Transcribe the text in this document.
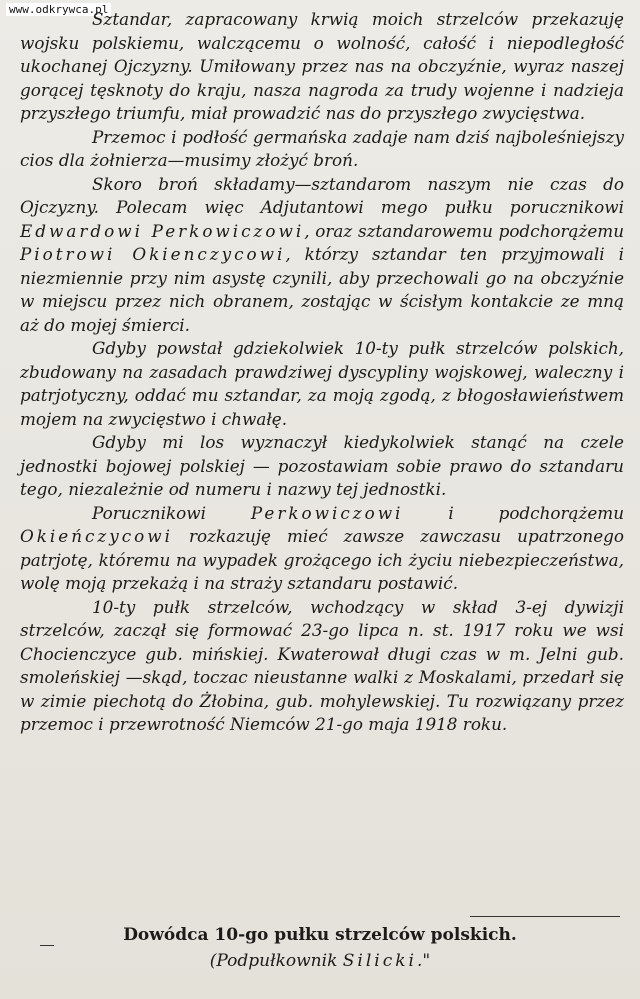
www.odkrywca.pl

Sztandar, zapracowany krwią moich strzelców przekazuję wojsku polskiemu, walczącemu o wolność, całość i niepodległość ukochanej Ojczyzny. Umiłowany przez nas na obczyźnie, wyraz naszej gorącej tęsknoty do kraju, nasza nagroda za trudy wojenne i nadzieja przyszłego triumfu, miał prowadzić nas do przyszłego zwycięstwa.

Przemoc i podłość germańska zadaje nam dziś najboleśniejszy cios dla żołnierza—musimy złożyć broń.

Skoro broń składamy—sztandarom naszym nie czas do Ojczyzny. Polecam więc Adjutantowi mego pułku porucznikowi Edwardowi Perkowiczowi, oraz sztandarowemu podchorążemu Piotrowi Okienczycowi, którzy sztandar ten przyjmowali i niezmiennie przy nim asystę czynili, aby przechowali go na obczyźnie w miejscu przez nich obranem, zostając w ścisłym kontakcie ze mną aż do mojej śmierci.

Gdyby powstał gdziekolwiek 10-ty pułk strzelców polskich, zbudowany na zasadach prawdziwej dyscypliny wojskowej, waleczny i patrjotyczny, oddać mu sztandar, za moją zgodą, z błogosławieństwem mojem na zwycięstwo i chwałę.

Gdyby mi los wyznaczył kiedykolwiek stanąć na czele jednostki bojowej polskiej — pozostawiam sobie prawo do sztandaru tego, niezależnie od numeru i nazwy tej jednostki.

Porucznikowi Perkowiczowi i podchorążemu Okieńczycowi rozkazuję mieć zawsze zawczasu upatrzonego patrjotę, któremu na wypadek grożącego ich życiu niebezpieczeństwa, wolę moją przekażą i na straży sztandaru postawić.

10-ty pułk strzelców, wchodzący w skład 3-ej dywizji strzelców, zaczął się formować 23-go lipca n. st. 1917 roku we wsi Chocienczyce gub. mińskiej. Kwaterował długi czas w m. Jelni gub. smoleńskiej —skąd, toczac nieustanne walki z Moskalami, przedarł się w zimie piechotą do Żłobina, gub. mohylewskiej. Tu rozwiązany przez przemoc i przewrotność Niemców 21-go maja 1918 roku.

Dowódca 10-go pułku strzelców polskich.
(Podpułkownik Silicki."
